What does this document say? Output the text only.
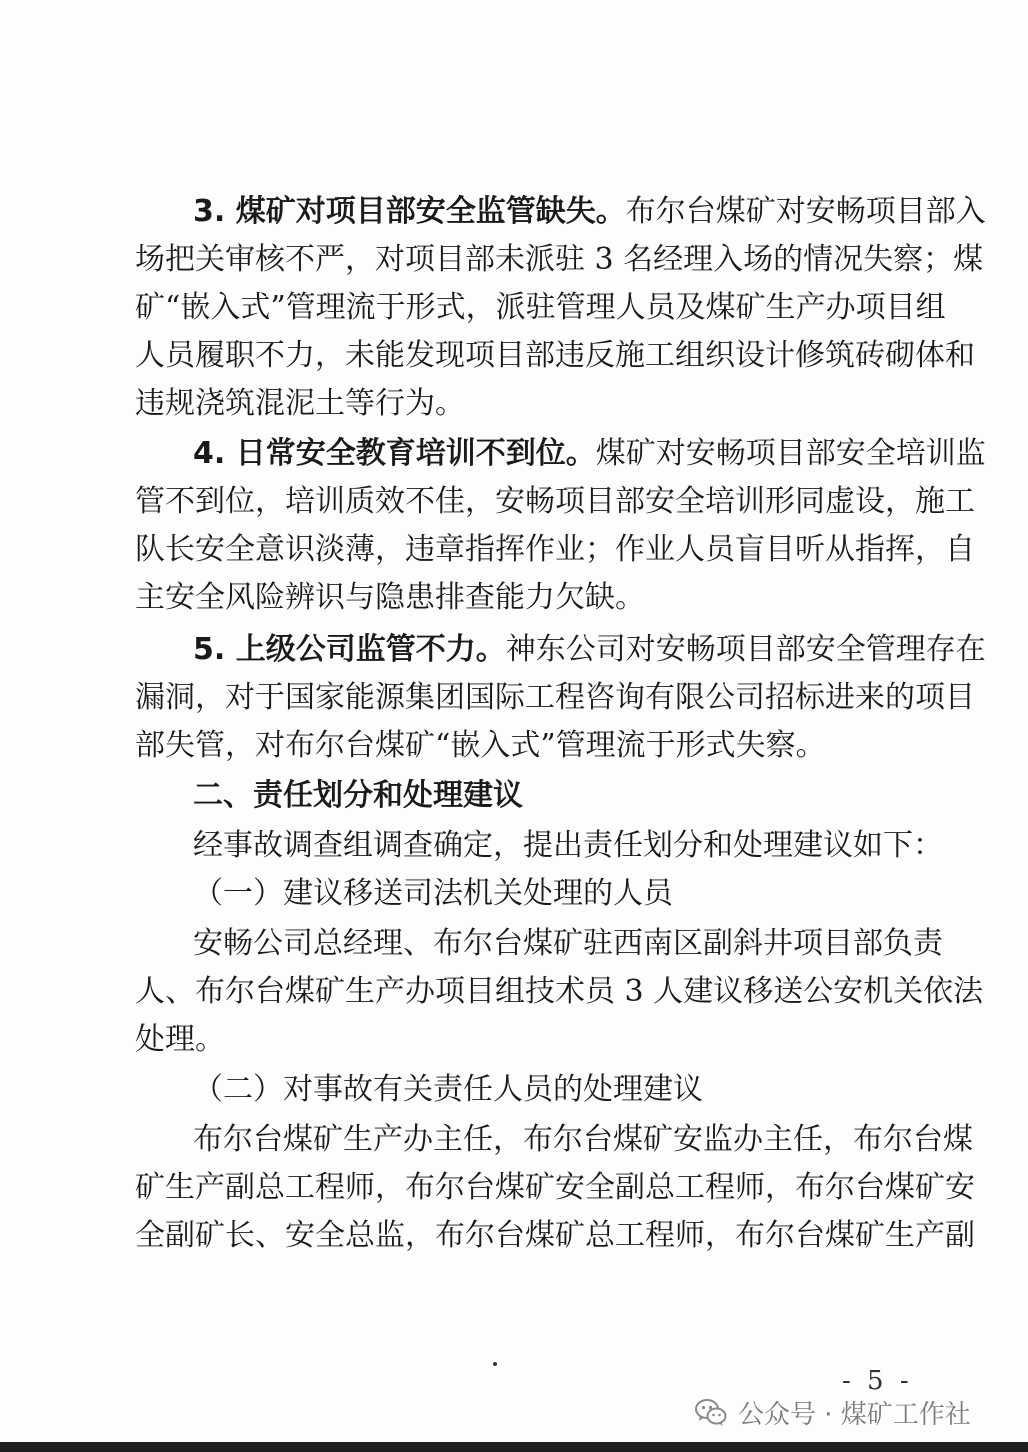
3. 煤矿对项目部安全监管缺失。布尔台煤矿对安畅项目部入
场把关审核不严，对项目部未派驻 3 名经理入场的情况失察；煤
矿“嵌入式”管理流于形式，派驻管理人员及煤矿生产办项目组
人员履职不力，未能发现项目部违反施工组织设计修筑砖砌体和
违规浇筑混泥土等行为。
4. 日常安全教育培训不到位。煤矿对安畅项目部安全培训监
管不到位，培训质效不佳，安畅项目部安全培训形同虚设，施工
队长安全意识淡薄，违章指挥作业；作业人员盲目听从指挥，自
主安全风险辨识与隐患排查能力欠缺。
5. 上级公司监管不力。神东公司对安畅项目部安全管理存在
漏洞，对于国家能源集团国际工程咨询有限公司招标进来的项目
部失管，对布尔台煤矿“嵌入式”管理流于形式失察。
二、责任划分和处理建议
经事故调查组调查确定，提出责任划分和处理建议如下：
（一）建议移送司法机关处理的人员
安畅公司总经理、布尔台煤矿驻西南区副斜井项目部负责
人、布尔台煤矿生产办项目组技术员 3 人建议移送公安机关依法
处理。
（二）对事故有关责任人员的处理建议
布尔台煤矿生产办主任，布尔台煤矿安监办主任，布尔台煤
矿生产副总工程师，布尔台煤矿安全副总工程师，布尔台煤矿安
全副矿长、安全总监，布尔台煤矿总工程师，布尔台煤矿生产副
- 5 -
公众号 · 煤矿工作社
